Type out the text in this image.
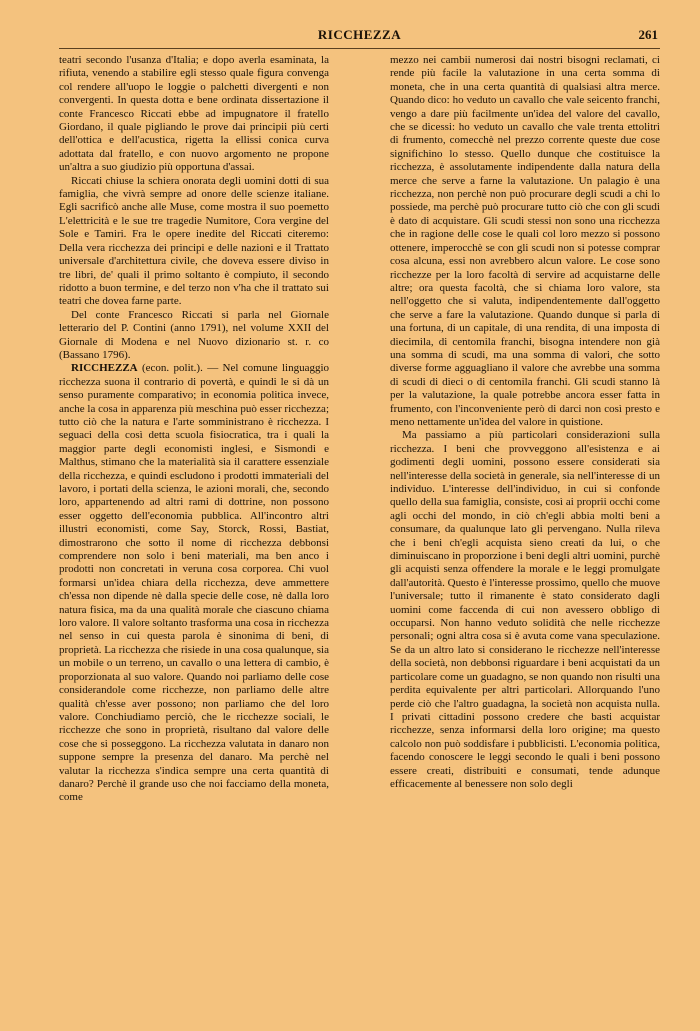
RICCHEZZA	261

teatri secondo l'usanza d'Italia; e dopo averla esaminata, la rifiuta, venendo a stabilire egli stesso quale figura convenga col rendere all'uopo le loggie o palchetti divergenti e non convergenti. In questa dotta e bene ordinata dissertazione il conte Francesco Riccati ebbe ad impugnatore il fratello Giordano, il quale pigliando le prove dai principii più certi dell'ottica e dell'acustica, rigetta la ellissi conica curva adottata dal fratello, e con nuovo argomento ne propone un'altra a suo giudizio più opportuna d'assai.

Riccati chiuse la schiera onorata degli uomini dotti di sua famiglia, che vivrà sempre ad onore delle scienze italiane. Egli sacrificò anche alle Muse, come mostra il suo poemetto L'elettricità e le sue tre tragedie Numitore, Cora vergine del Sole e Tamiri. Fra le opere inedite del Riccati citeremo: Della vera ricchezza dei principi e delle nazioni e il Trattato universale d'architettura civile, che doveva essere diviso in tre libri, de' quali il primo soltanto è compiuto, il secondo ridotto a buon termine, e del terzo non v'ha che il trattato sui teatri che dovea farne parte.

Del conte Francesco Riccati si parla nel Giornale letterario del P. Contini (anno 1791), nel volume XXII del Giornale di Modena e nel Nuovo dizionario st. r. co (Bassano 1796).

RICCHEZZA (econ. polit.). — Nel comune linguaggio ricchezza suona il contrario di povertà, e quindi le si dà un senso puramente comparativo; in economia politica invece, anche la cosa in apparenza più meschina può esser ricchezza; tutto ciò che la natura e l'arte somministrano è ricchezza. I seguaci della così detta scuola fisiocratica, tra i quali la maggior parte degli economisti inglesi, e Sismondi e Malthus, stimano che la materialità sia il carattere essenziale della ricchezza, e quindi escludono i prodotti immateriali del lavoro, i portati della scienza, le azioni morali, che, secondo loro, appartenendo ad altri rami di dottrine, non possono esser oggetto dell'economia pubblica. All'incontro altri illustri economisti, come Say, Storck, Rossi, Bastiat, dimostrarono che sotto il nome di ricchezza debbonsi comprendere non solo i beni materiali, ma ben anco i prodotti non concretati in veruna cosa corporea. Chi vuol formarsi un'idea chiara della ricchezza, deve ammettere ch'essa non dipende nè dalla specie delle cose, nè dalla loro natura fisica, ma da una qualità morale che ciascuno chiama loro valore. Il valore soltanto trasforma una cosa in ricchezza nel senso in cui questa parola è sinonima di beni, di proprietà. La ricchezza che risiede in una cosa qualunque, sia un mobile o un terreno, un cavallo o una lettera di cambio, è proporzionata al suo valore. Quando noi parliamo delle cose considerandole come ricchezze, non parliamo delle altre qualità ch'esse aver possono; non parliamo che del loro valore. Conchiudiamo perciò, che le ricchezze sociali, le ricchezze che sono in proprietà, risultano dal valore delle cose che si posseggono. La ricchezza valutata in danaro non suppone sempre la presenza del danaro. Ma perchè nel valutar la ricchezza s'indica sempre una certa quantità di danaro? Perchè il grande uso che noi facciamo della moneta, come

mezzo nei cambii numerosi dai nostri bisogni reclamati, ci rende più facile la valutazione in una certa somma di moneta, che in una certa quantità di qualsiasi altra merce. Quando dico: ho veduto un cavallo che vale seicento franchi, vengo a dare più facilmente un'idea del valore del cavallo, che se dicessi: ho veduto un cavallo che vale trenta ettolitri di frumento, comecchè nel prezzo corrente queste due cose significhino lo stesso. Quello dunque che costituisce la ricchezza, è assolutamente indipendente dalla natura della merce che serve a farne la valutazione. Un palagio è una ricchezza, non perchè non può procurare degli scudi a chi lo possiede, ma perchè può procurare tutto ciò che con gli scudi è dato di acquistare. Gli scudi stessi non sono una ricchezza che in ragione delle cose le quali col loro mezzo si possono ottenere, imperocchè se con gli scudi non si potesse comprar cosa alcuna, essi non avrebbero alcun valore. Le cose sono ricchezze per la loro facoltà di servire ad acquistarne delle altre; ora questa facoltà, che si chiama loro valore, sta nell'oggetto che si valuta, indipendentemente dall'oggetto che serve a fare la valutazione. Quando dunque si parla di una fortuna, di un capitale, di una rendita, di una imposta di diecimila, di centomila franchi, bisogna intendere non già una somma di scudi, ma una somma di valori, che sotto diverse forme agguagliano il valore che avrebbe una somma di scudi di dieci o di centomila franchi. Gli scudi stanno là per la valutazione, la quale potrebbe ancora esser fatta in frumento, con l'inconveniente però di darci non così presto e meno nettamente un'idea del valore in quistione.

Ma passiamo a più particolari considerazioni sulla ricchezza. I beni che provveggono all'esistenza e ai godimenti degli uomini, possono essere considerati sia nell'interesse della società in generale, sia nell'interesse di un individuo. L'interesse dell'individuo, in cui si confonde quello della sua famiglia, consiste, così ai proprii occhi come agli occhi del mondo, in ciò ch'egli abbia molti beni a consumare, da qualunque lato gli pervengano. Nulla rileva che i beni ch'egli acquista sieno creati da lui, o che diminuiscano in proporzione i beni degli altri uomini, purchè gli acquisti senza offendere la morale e le leggi promulgate dall'autorità. Questo è l'interesse prossimo, quello che muove l'universale; tutto il rimanente è stato considerato dagli uomini come faccenda di cui non avessero obbligo di occuparsi. Non hanno veduto solidità che nelle ricchezze personali; ogni altra cosa si è avuta come vana speculazione. Se da un altro lato si considerano le ricchezze nell'interesse della società, non debbonsi riguardare i beni acquistati da un particolare come un guadagno, se non quando non risulti una perdita equivalente per altri particolari. Allorquando l'uno perde ciò che l'altro guadagna, la società non acquista nulla. I privati cittadini possono credere che basti acquistar ricchezze, senza informarsi della loro origine; ma questo calcolo non può soddisfare i pubblicisti. L'economia politica, facendo conoscere le leggi secondo le quali i beni possono essere creati, distribuiti e consumati, tende adunque efficacemente al benessere non solo degli
